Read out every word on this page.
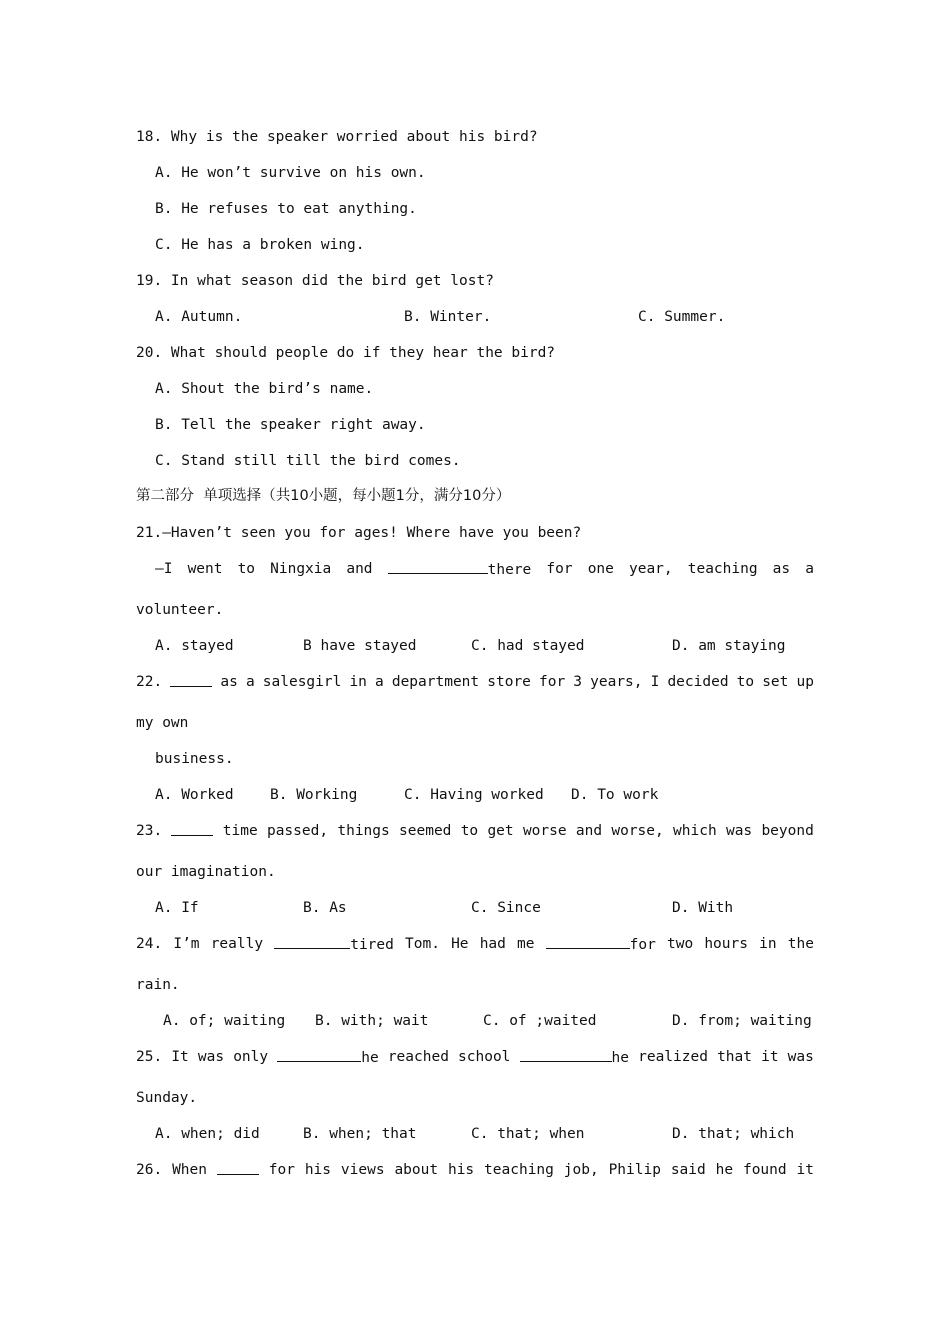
18. Why is the speaker worried about his bird?
A. He won’t survive on his own.
B. He refuses to eat anything.
C. He has a broken wing.
19. In what season did the bird get lost?
A. Autumn.	B. Winter.	C. Summer.
20. What should people do if they hear the bird?
A. Shout the bird’s name.
B. Tell the speaker right away.
C. Stand still till the bird comes.
第二部分  单项选择（共10小题，每小题1分，满分10分）
21.—Haven’t seen you for ages! Where have you been?
—I went to Ningxia and	there for one year, teaching as a
volunteer.
A. stayed	B have stayed	C. had stayed	D. am staying
22.	as a salesgirl in a department store for 3 years, I decided to set up
my own
business.
A. Worked	B. Working	C. Having worked D. To work
23.	time passed, things seemed to get worse and worse, which was beyond
our imagination.
A. If	B. As	C. Since	D. With
24. I’m really	tired Tom. He had me	for two hours in the
rain.
A. of; waiting B. with; wait	C. of ;waited	D. from; waiting
25. It was only	he reached school	he realized that it was
Sunday.
A. when; did	B. when; that	C. that; when	D. that; which
26. When	for his views about his teaching job, Philip said he found it
